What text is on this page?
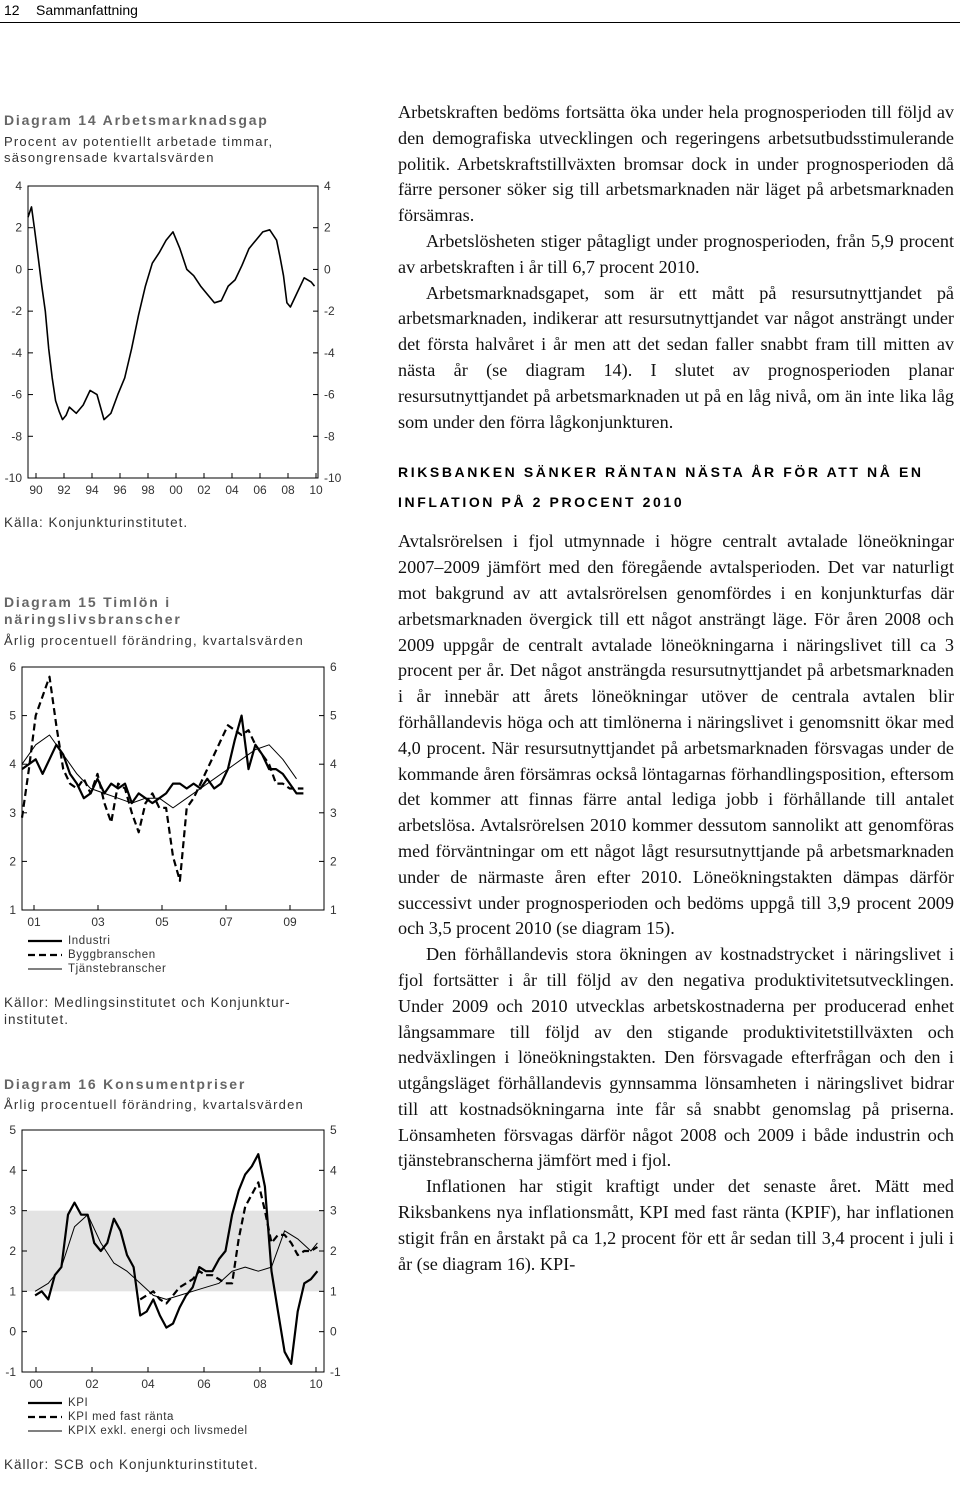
12 Sammanfattning
Diagram 14 Arbetsmarknadsgap
Procent av potentiellt arbetade timmar, säsongrensade kvartalsvärden
4	4
2	2
0	0
-2	-2
-4	-4
-6	-6
-8	-8
-10	-10
90 92 94 96 98 00 02 04 06 08 10
Källa: Konjunkturinstitutet.
Diagram 15 Timlön i näringslivsbranscher
Årlig procentuell förändring, kvartalsvärden
6	6
5	5
4	4
3	3
2	2
1	1
01	03	05	07	09
Industri
Byggbranschen
Tjänstebranscher
Källor: Medlingsinstitutet och Konjunktur-institutet.
Diagram 16 Konsumentpriser
Årlig procentuell förändring, kvartalsvärden
5	5
4	4
3	3
2	2
1	1
0	0
-1	-1
00	02	04	06	08	10
KPI
KPI med fast ränta
KPIX exkl. energi och livsmedel
Källor: SCB och Konjunkturinstitutet.

Arbetskraften bedöms fortsätta öka under hela prognosperioden till följd av den demografiska utvecklingen och regeringens arbetsutbudsstimulerande politik. Arbetskraftstillväxten bromsar dock in under prognosperioden då färre personer söker sig till arbetsmarknaden när läget på arbetsmarknaden försämras.

Arbetslösheten stiger påtagligt under prognosperioden, från 5,9 procent av arbetskraften i år till 6,7 procent 2010.

Arbetsmarknadsgapet, som är ett mått på resursutnyttjandet på arbetsmarknaden, indikerar att resursutnyttjandet var något ansträngt under det första halvåret i år men att det sedan faller snabbt fram till mitten av nästa år (se diagram 14). I slutet av prognosperioden planar resursutnyttjandet på arbetsmarknaden ut på en låg nivå, om än inte lika låg som under den förra lågkonjunkturen.

RIKSBANKEN SÄNKER RÄNTAN NÄSTA ÅR FÖR ATT NÅ EN INFLATION PÅ 2 PROCENT 2010

Avtalsrörelsen i fjol utmynnade i högre centralt avtalade löneökningar 2007–2009 jämfört med den föregående avtalsperioden. Det var naturligt mot bakgrund av att avtalsrörelsen genomfördes i en konjunkturfas där arbetsmarknaden övergick till ett något ansträngt läge. För åren 2008 och 2009 uppgår de centralt avtalade löneökningarna i näringslivet till ca 3 procent per år. Det något ansträngda resursutnyttjandet på arbetsmarknaden i år innebär att årets löneökningar utöver de centrala avtalen blir förhållandevis höga och att timlönerna i näringslivet i genomsnitt ökar med 4,0 procent. När resursutnyttjandet på arbetsmarknaden försvagas under de kommande åren försämras också löntagarnas förhandlingsposition, eftersom det kommer att finnas färre antal lediga jobb i förhållande till antalet arbetslösa. Avtalsrörelsen 2010 kommer dessutom sannolikt att genomföras med förväntningar om ett något lågt resursutnyttjande på arbetsmarknaden under de närmaste åren efter 2010. Löneökningstakten dämpas därför successivt under prognosperioden och bedöms uppgå till 3,9 procent 2009 och 3,5 procent 2010 (se diagram 15).

Den förhållandevis stora ökningen av kostnadstrycket i näringslivet i fjol fortsätter i år till följd av den negativa produktivitetsutvecklingen. Under 2009 och 2010 utvecklas arbetskostnaderna per producerad enhet långsammare till följd av den stigande produktivitetstillväxten och nedväxlingen i löneökningstakten. Den försvagade efterfrågan och den i utgångsläget förhållandevis gynnsamma lönsamheten i näringslivet bidrar till att kostnadsökningarna inte får så snabbt genomslag på priserna. Lönsamheten försvagas därför något 2008 och 2009 i både industrin och tjänstebranscherna jämfört med i fjol.

Inflationen har stigit kraftigt under det senaste året. Mätt med Riksbankens nya inflationsmått, KPI med fast ränta (KPIF), har inflationen stigit från en årstakt på ca 1,2 procent för ett år sedan till 3,4 procent i juli i år (se diagram 16). KPI-
